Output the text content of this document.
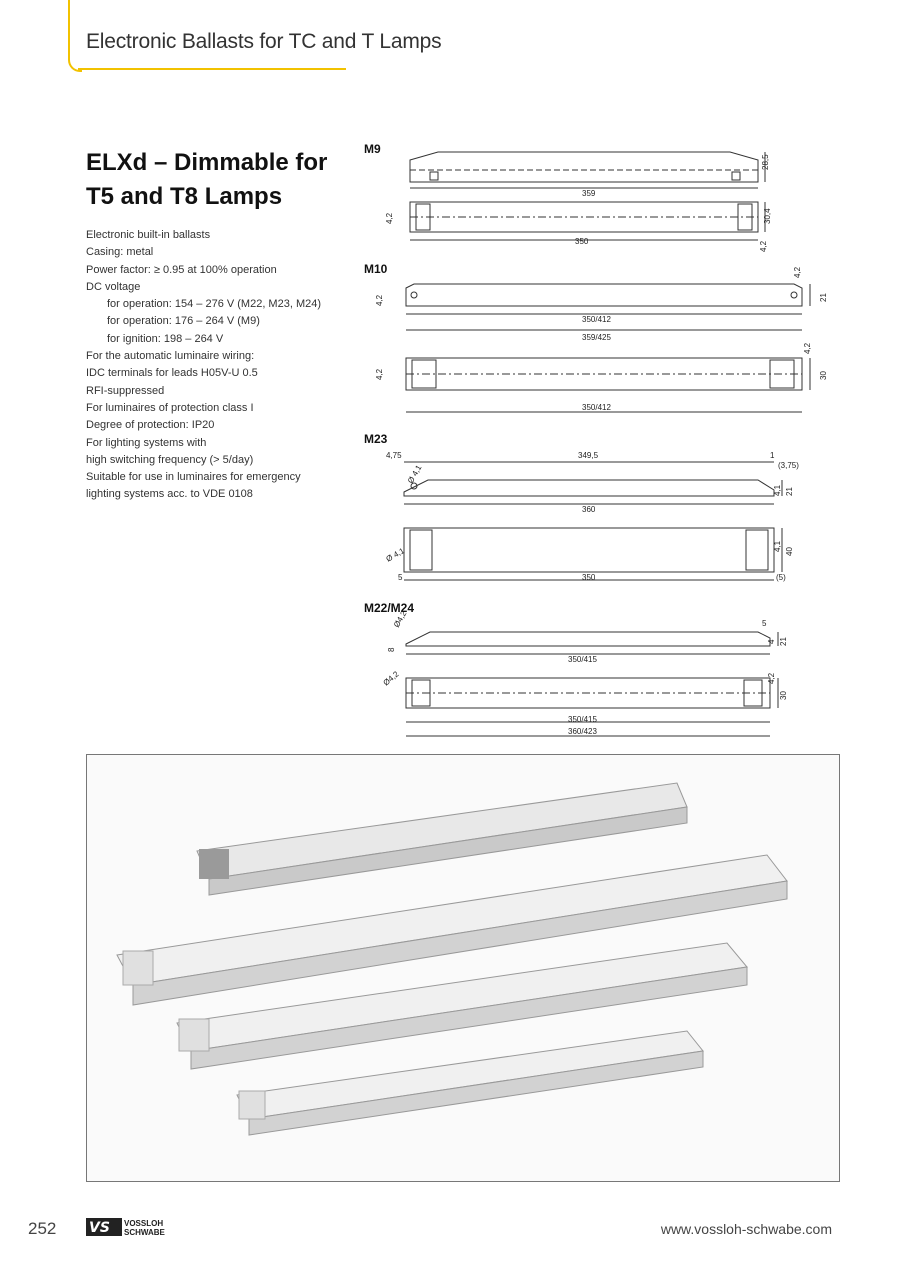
Electronic Ballasts for TC and T Lamps
ELXd – Dimmable for
T5 and T8 Lamps
Electronic built-in ballasts
Casing: metal
Power factor: ≥ 0.95 at 100% operation
DC voltage
for operation: 154 – 276 V (M22, M23, M24)
for operation: 176 – 264 V (M9)
for ignition: 198 – 264 V
For the automatic luminaire wiring:
IDC terminals for leads H05V-U 0.5
RFI-suppressed
For luminaires of protection class I
Degree of protection: IP20
For lighting systems with
high switching frequency (> 5/day)
Suitable for use in luminaires for emergency
lighting systems acc. to VDE 0108
M9
M10
M23
M22/M24
359
28,5
4,2	30,4
350	4,2
4,2
4,2
21
350/412
359/425
4,2
4,2
30
350/412
4,75	349,5	1
(3,75)
Ø 4,1
4,1 21
360
Ø 4,1	4,1 40
5	350	(5)
Ø4,2	5
4 21
8
350/415
Ø4,2	4,2
30
350/415
360/423
252 VS VOSSLOH
SCHWABE	www.vossloh-schwabe.com
